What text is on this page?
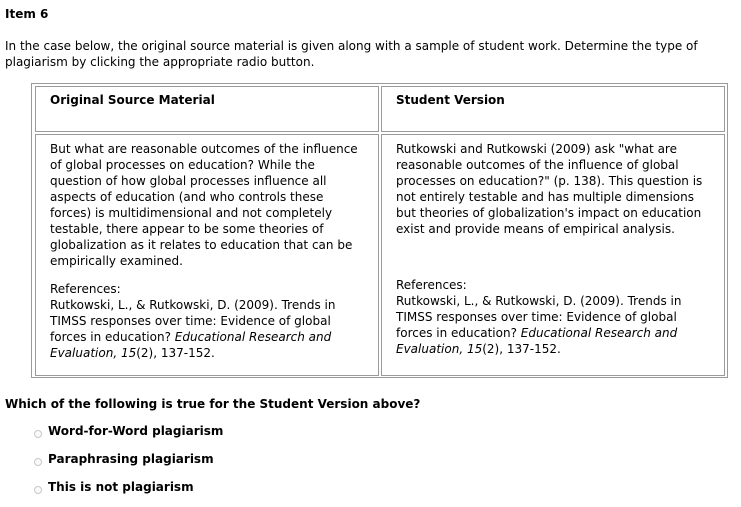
Item 6
In the case below, the original source material is given along with a sample of student work. Determine the type of plagiarism by clicking the appropriate radio button.
Original Source Material	Student Version

But what are reasonable outcomes of the influence of global processes on education? While the question of how global processes influence all aspects of education (and who controls these forces) is multidimensional and not completely testable, there appear to be some theories of globalization as it relates to education that can be empirically examined.

References:
Rutkowski, L., & Rutkowski, D. (2009). Trends in TIMSS responses over time: Evidence of global forces in education? Educational Research and Evaluation, 15(2), 137-152.

Rutkowski and Rutkowski (2009) ask "what are reasonable outcomes of the influence of global processes on education?" (p. 138). This question is not entirely testable and has multiple dimensions but theories of globalization's impact on education exist and provide means of empirical analysis.

References:
Rutkowski, L., & Rutkowski, D. (2009). Trends in TIMSS responses over time: Evidence of global forces in education? Educational Research and Evaluation, 15(2), 137-152.

Which of the following is true for the Student Version above?
Word-for-Word plagiarism
Paraphrasing plagiarism
This is not plagiarism
